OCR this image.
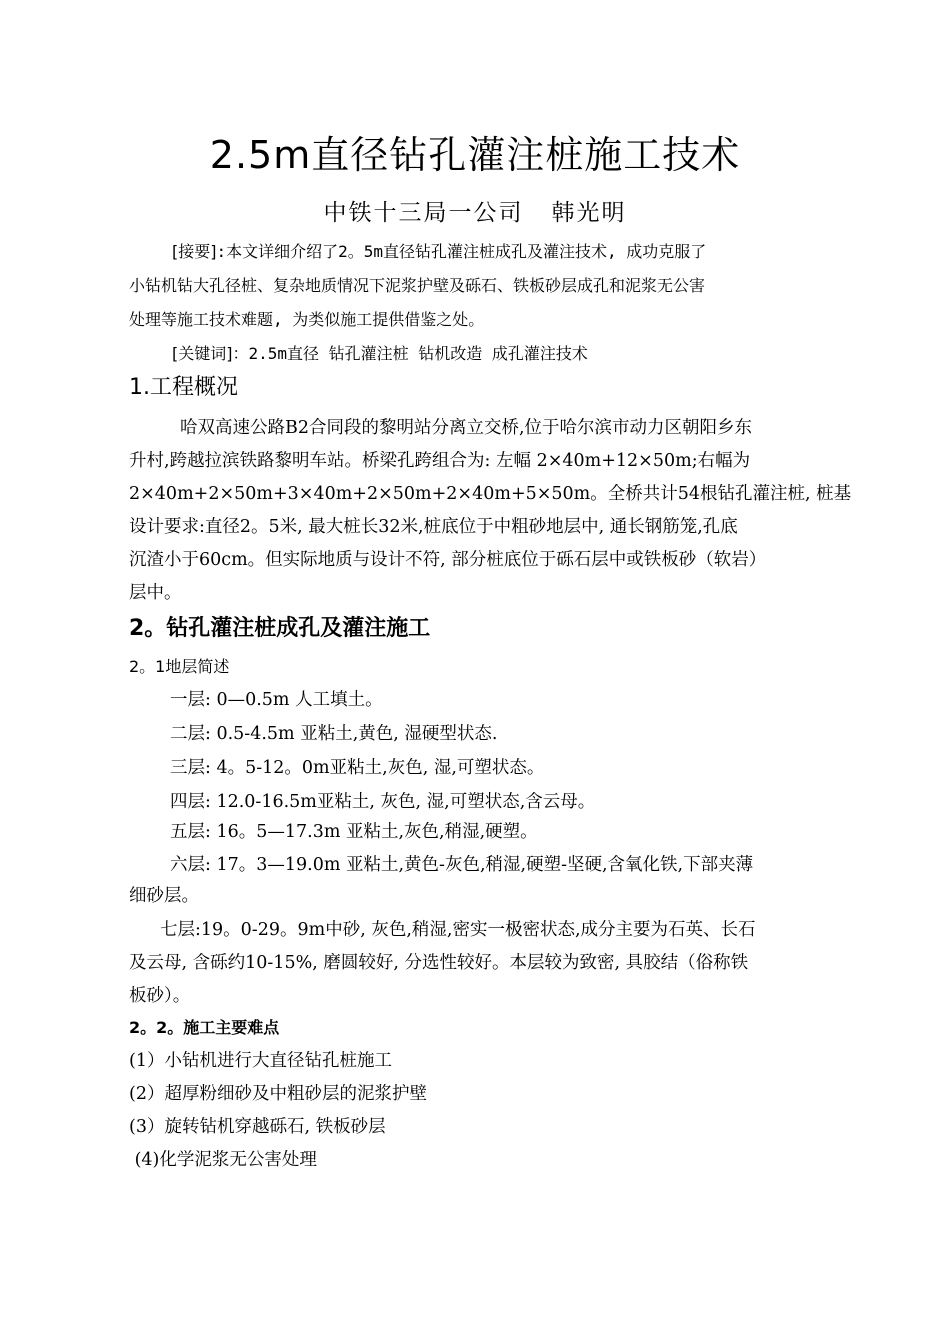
2.5m直径钻孔灌注桩施工技术
中铁十三局一公司   韩光明
[接要]:本文详细介绍了2。5m直径钻孔灌注桩成孔及灌注技术, 成功克服了
小钻机钻大孔径桩、复杂地质情况下泥浆护壁及砾石、铁板砂层成孔和泥浆无公害
处理等施工技术难题, 为类似施工提供借鉴之处。
[关键词]：2.5m直径 钻孔灌注桩 钻机改造 成孔灌注技术
1.工程概况
哈双高速公路B2合同段的黎明站分离立交桥,位于哈尔滨市动力区朝阳乡东
升村,跨越拉滨铁路黎明车站。桥梁孔跨组合为: 左幅 2×40m+12×50m;右幅为
2×40m+2×50m+3×40m+2×50m+2×40m+5×50m。全桥共计54根钻孔灌注桩, 桩基
设计要求:直径2。5米, 最大桩长32米,桩底位于中粗砂地层中, 通长钢筋笼,孔底
沉渣小于60cm。但实际地质与设计不符, 部分桩底位于砾石层中或铁板砂（软岩）
层中。
2。钻孔灌注桩成孔及灌注施工
2。1地层简述
一层: 0—0.5m 人工填土。
二层: 0.5-4.5m 亚粘土,黄色, 湿硬型状态.
三层: 4。5-12。0m亚粘土,灰色, 湿,可塑状态。
四层: 12.0-16.5m亚粘土, 灰色, 湿,可塑状态,含云母。
五层: 16。5—17.3m 亚粘土,灰色,稍湿,硬塑。
六层: 17。3—19.0m 亚粘土,黄色-灰色,稍湿,硬塑-坚硬,含氧化铁,下部夹薄
细砂层。
七层:19。0-29。9m中砂, 灰色,稍湿,密实一极密状态,成分主要为石英、长石
及云母, 含砾约10-15%, 磨圆较好, 分选性较好。本层较为致密, 具胶结（俗称铁
板砂）。
2。2。施工主要难点
(1）小钻机进行大直径钻孔桩施工
(2）超厚粉细砂及中粗砂层的泥浆护壁
(3）旋转钻机穿越砾石, 铁板砂层
(4)化学泥浆无公害处理
